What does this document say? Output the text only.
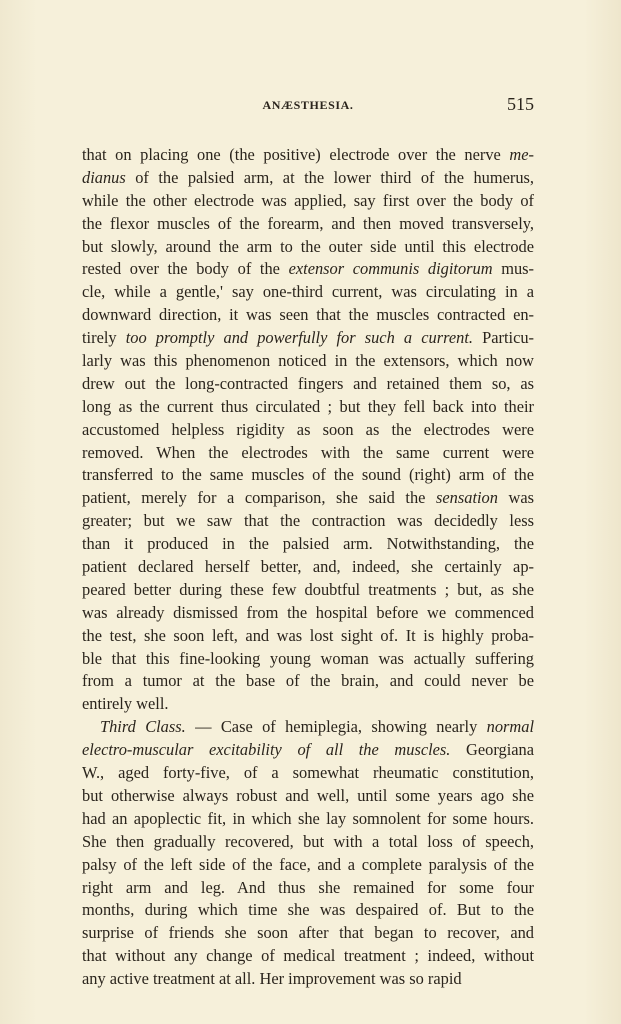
ANÆSTHESIA.	515
that on placing one (the positive) electrode over the nerve me-
dianus of the palsied arm, at the lower third of the humerus,
while the other electrode was applied, say first over the body of
the flexor muscles of the forearm, and then moved transversely,
but slowly, around the arm to the outer side until this electrode
rested over the body of the extensor communis digitorum mus-
cle, while a gentle,' say one-third current, was circulating in a
downward direction, it was seen that the muscles contracted en-
tirely too promptly and powerfully for such a current. Particu-
larly was this phenomenon noticed in the extensors, which now
drew out the long-contracted fingers and retained them so, as
long as the current thus circulated ; but they fell back into their
accustomed helpless rigidity as soon as the electrodes were
removed. When the electrodes with the same current were
transferred to the same muscles of the sound (right) arm of the
patient, merely for a comparison, she said the sensation was
greater; but we saw that the contraction was decidedly less
than it produced in the palsied arm. Notwithstanding, the
patient declared herself better, and, indeed, she certainly ap-
peared better during these few doubtful treatments ; but, as she
was already dismissed from the hospital before we commenced
the test, she soon left, and was lost sight of. It is highly proba-
ble that this fine-looking young woman was actually suffering
from a tumor at the base of the brain, and could never be
entirely well.
Third Class. — Case of hemiplegia, showing nearly normal
electro-muscular excitability of all the muscles. Georgiana
W., aged forty-five, of a somewhat rheumatic constitution,
but otherwise always robust and well, until some years ago she
had an apoplectic fit, in which she lay somnolent for some hours.
She then gradually recovered, but with a total loss of speech,
palsy of the left side of the face, and a complete paralysis of the
right arm and leg. And thus she remained for some four
months, during which time she was despaired of. But to the
surprise of friends she soon after that began to recover, and
that without any change of medical treatment ; indeed, without
any active treatment at all. Her improvement was so rapid
